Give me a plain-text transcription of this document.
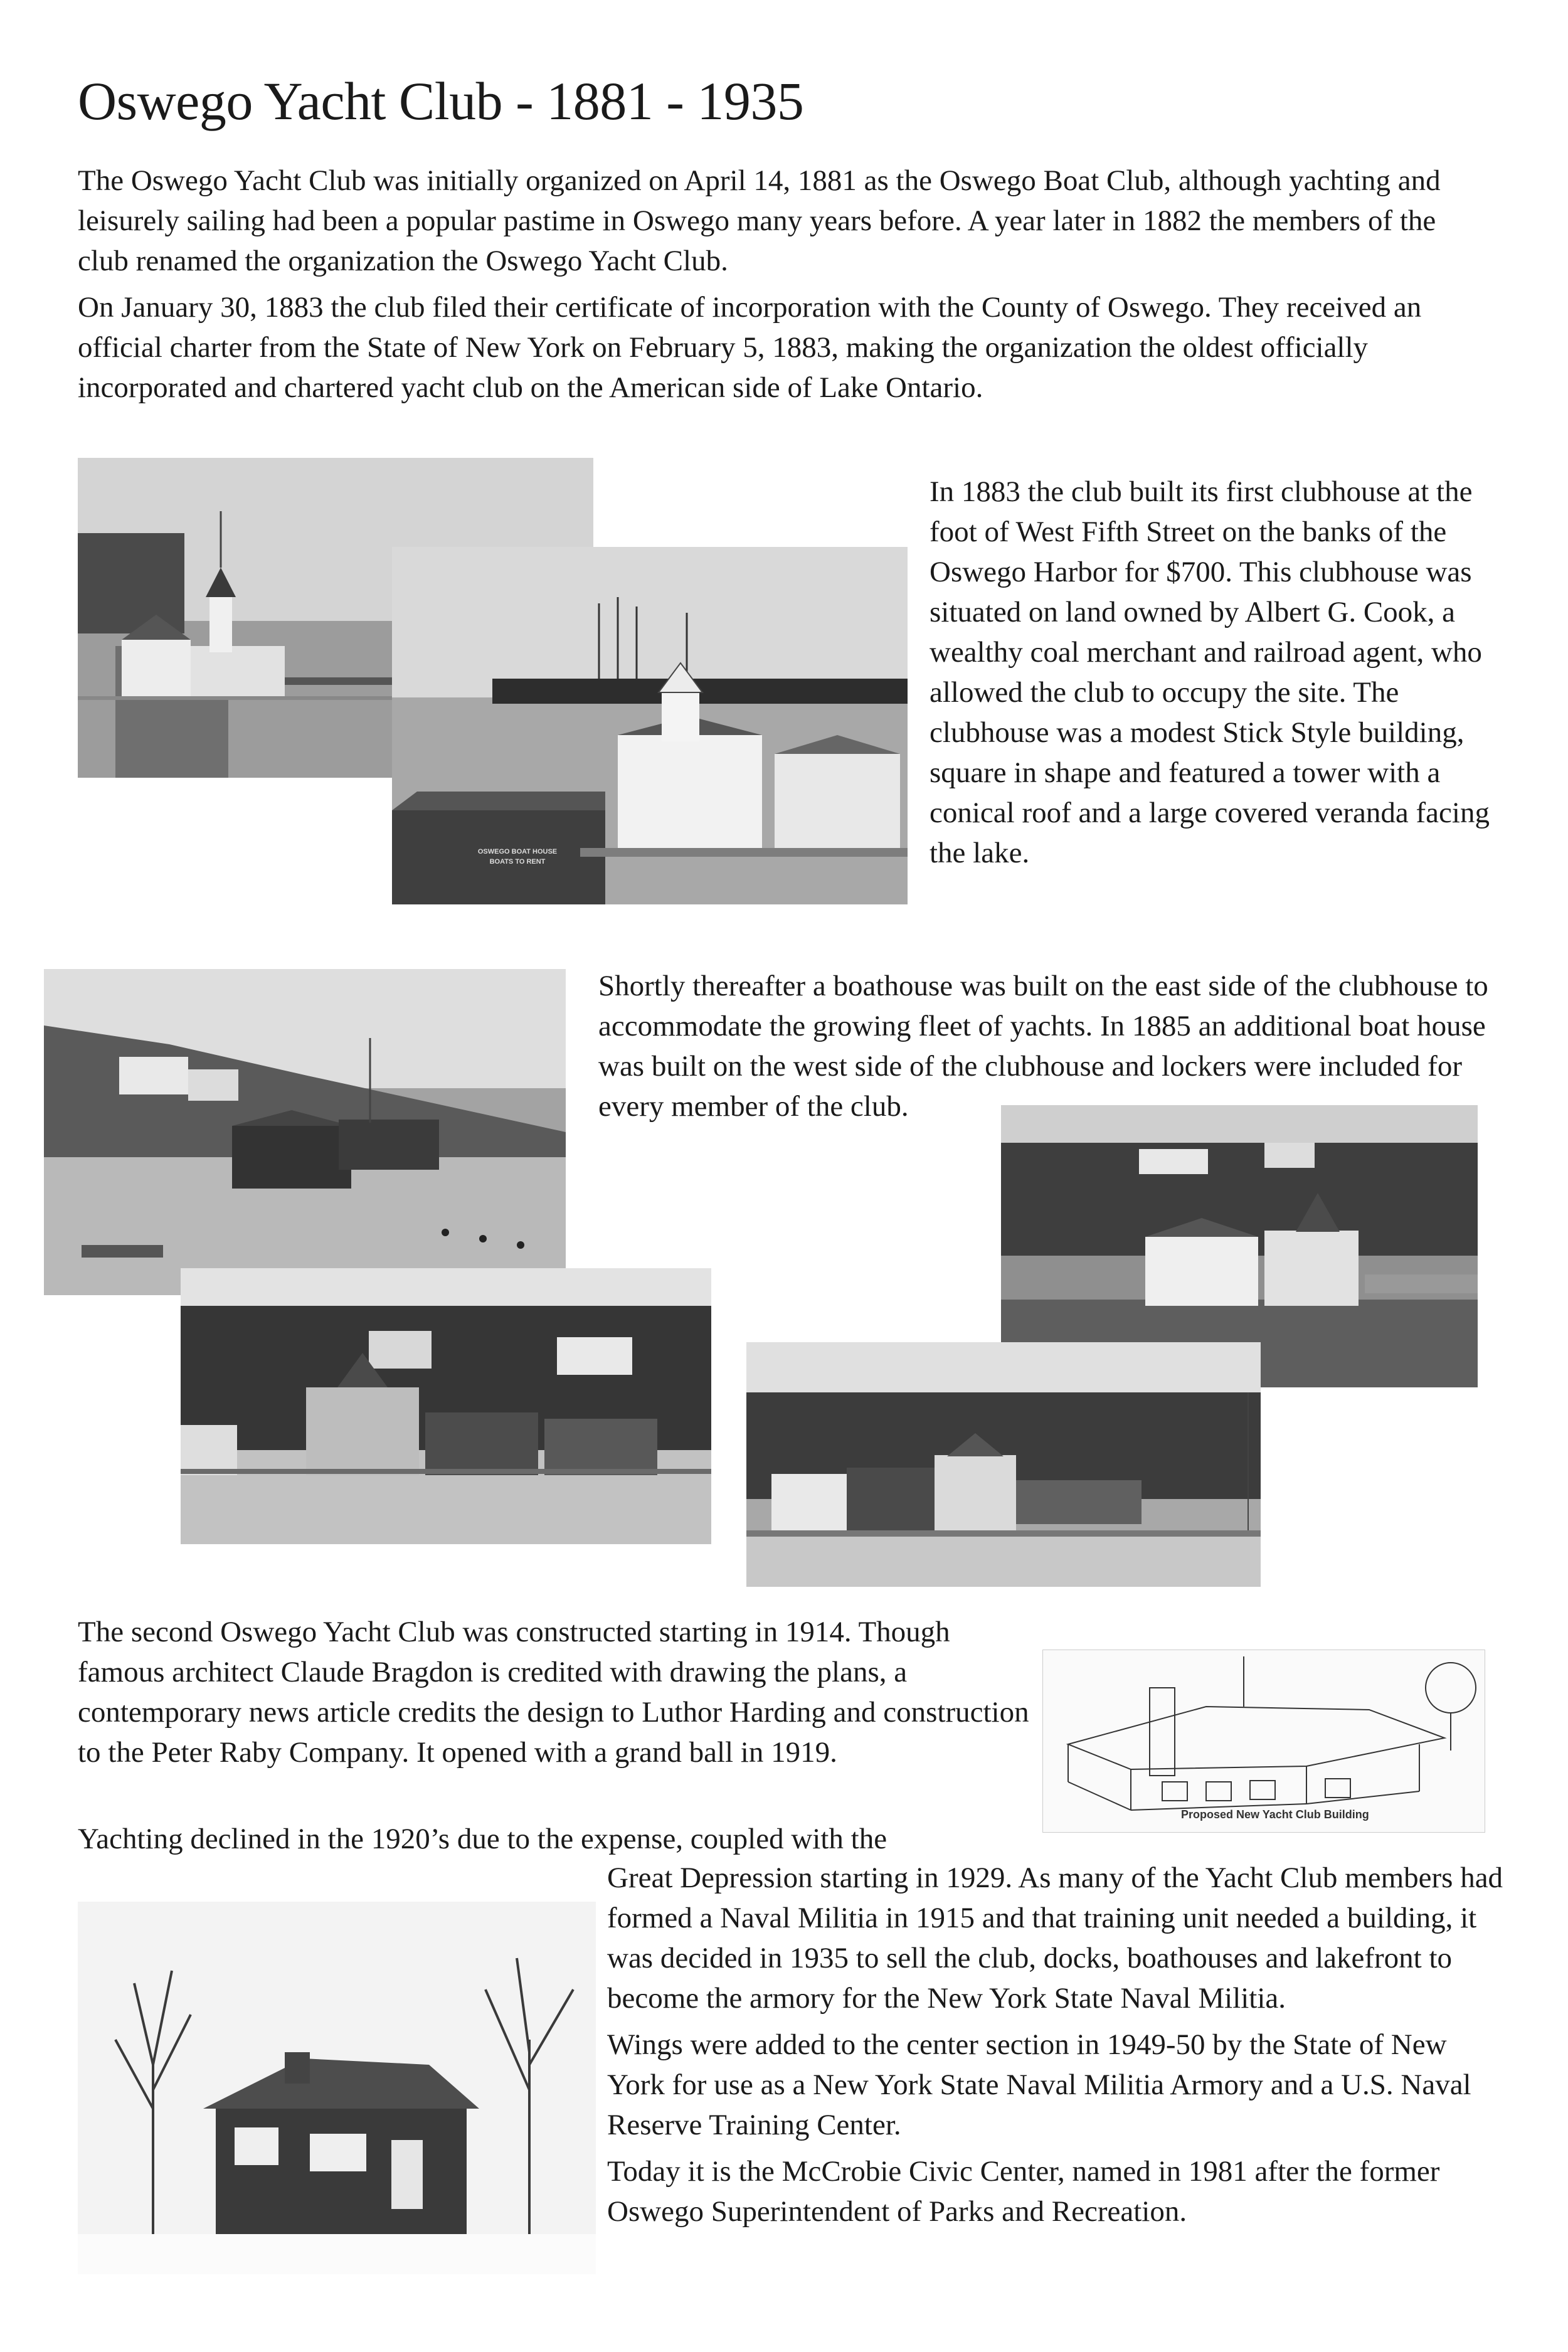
Oswego Yacht Club - 1881 - 1935

The Oswego Yacht Club was initially organized on April 14, 1881 as the Oswego Boat Club, although yachting and leisurely sailing had been a popular pastime in Oswego many years before. A year later in 1882 the members of the club renamed the organization the Oswego Yacht Club.

On January 30, 1883 the club filed their certificate of incorporation with the County of Oswego. They received an official charter from the State of New York on February 5, 1883, making the organization the oldest officially incorporated and chartered yacht club on the American side of Lake Ontario.

OSWEGO BOAT HOUSE BOATS TO RENT
In 1883 the club built its first clubhouse at the foot of West Fifth Street on the banks of the Oswego Harbor for $700. This clubhouse was situated on land owned by Albert G. Cook, a wealthy coal merchant and railroad agent, who allowed the club to occupy the site. The clubhouse was a modest Stick Style building, square in shape and featured a tower with a conical roof and a large covered veranda facing the lake.
Shortly thereafter a boathouse was built on the east side of the clubhouse to accommodate the growing fleet of yachts. In 1885 an additional boat house was built on the west side of the clubhouse and lockers were included for every member of the club.
The second Oswego Yacht Club was constructed starting in 1914. Though famous architect Claude Bragdon is credited with drawing the plans, a contemporary news article credits the design to Luthor Harding and construction to the Peter Raby Company. It opened with a grand ball in 1919.
Proposed New Yacht Club Building
Yachting declined in the 1920’s due to the expense, coupled with the

Great Depression starting in 1929. As many of the Yacht Club members had formed a Naval Militia in 1915 and that training unit needed a building, it was decided in 1935 to sell the club, docks, boathouses and lakefront to become the armory for the New York State Naval Militia.

Wings were added to the center section in 1949-50 by the State of New York for use as a New York State Naval Militia Armory and a U.S. Naval Reserve Training Center.

Today it is the McCrobie Civic Center, named in 1981 after the former Oswego Superintendent of Parks and Recreation.
